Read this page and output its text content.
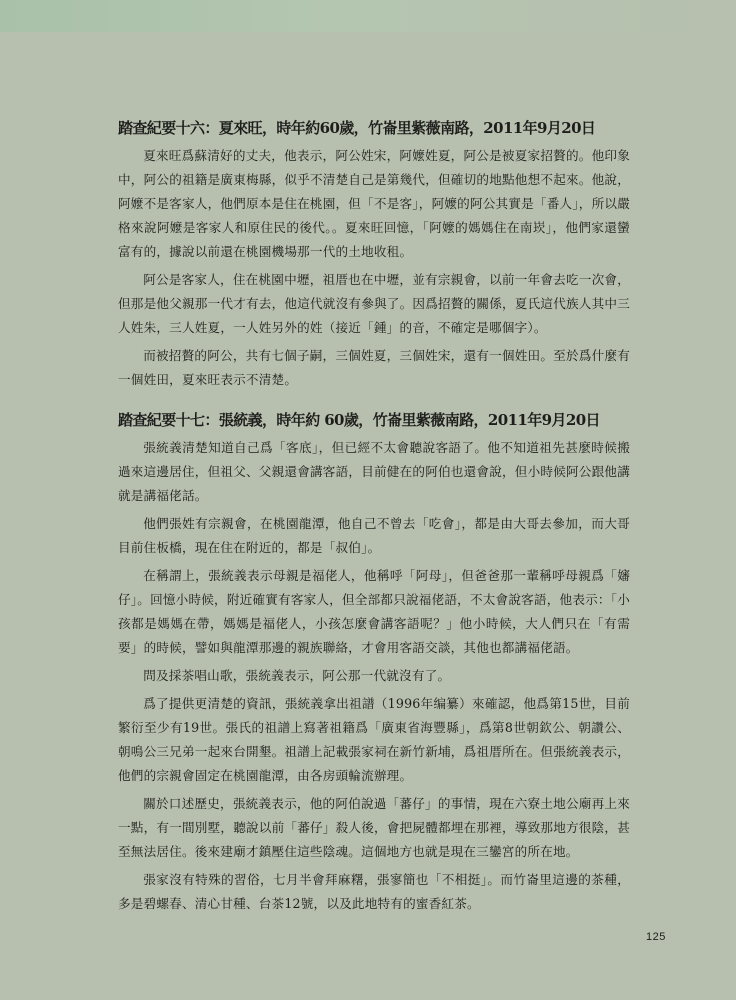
踏查紀要十六：夏來旺，時年約60歲，竹崙里紫薇南路，2011年9月20日

夏來旺爲蘇清好的丈夫，他表示，阿公姓宋，阿嬤姓夏，阿公是被夏家招贅的。他印象中，阿公的祖籍是廣東梅縣，似乎不清楚自己是第幾代，但確切的地點他想不起來。他說，阿嬤不是客家人，他們原本是住在桃園，但「不是客」，阿嬤的阿公其實是「番人」，所以嚴格來說阿嬤是客家人和原住民的後代。。夏來旺回憶，「阿嬤的媽媽住在南崁」，他們家還蠻富有的，據說以前還在桃園機場那一代的土地收租。

阿公是客家人，住在桃園中壢，祖厝也在中壢，並有宗親會，以前一年會去吃一次會，但那是他父親那一代才有去，他這代就沒有參與了。因爲招贅的關係，夏氏這代族人其中三人姓朱，三人姓夏，一人姓另外的姓（接近「鍾」的音，不確定是哪個字）。

而被招贅的阿公，共有七個子嗣，三個姓夏，三個姓宋，還有一個姓田。至於爲什麼有一個姓田，夏來旺表示不清楚。

踏查紀要十七：張統義，時年約 60歲，竹崙里紫薇南路，2011年9月20日

張統義清楚知道自己爲「客底」，但已經不太會聽說客語了。他不知道祖先甚麼時候搬過來這邊居住，但祖父、父親還會講客語，目前健在的阿伯也還會說，但小時候阿公跟他講就是講福佬話。

他們張姓有宗親會，在桃園龍潭，他自己不曾去「吃會」，都是由大哥去參加，而大哥目前住板橋，現在住在附近的，都是「叔伯」。

在稱謂上，張統義表示母親是福佬人，他稱呼「阿母」，但爸爸那一輩稱呼母親爲「嬸仔」。回憶小時候，附近確實有客家人，但全部都只說福佬語，不太會說客語，他表示：「小孩都是媽媽在帶，媽媽是福佬人，小孩怎麼會講客語呢？」他小時候，大人們只在「有需要」的時候，譬如與龍潭那邊的親族聯絡，才會用客語交談，其他也都講福佬語。

問及採茶唱山歌，張統義表示，阿公那一代就沒有了。

爲了提供更清楚的資訊，張統義拿出祖譜（1996年编纂）來確認，他爲第15世，目前繁衍至少有19世。張氏的祖譜上寫著祖籍爲「廣東省海豐縣」，爲第8世朝欽公、朝讚公、朝鳴公三兄弟一起來台開墾。祖譜上記載張家祠在新竹新埔，爲祖厝所在。但張統義表示，他們的宗親會固定在桃園龍潭，由各房頭輪流辦理。

關於口述歷史，張統義表示，他的阿伯說過「蕃仔」的事情，現在六寮土地公廟再上來一點，有一間別墅，聽說以前「蕃仔」殺人後，會把屍體都埋在那裡，導致那地方很陰，甚至無法居住。後來建廟才鎮壓住這些陰魂。這個地方也就是現在三鑾宮的所在地。

張家沒有特殊的習俗，七月半會拜麻糬，張寥簡也「不相挺」。而竹崙里這邊的茶種，多是碧螺春、清心甘種、台茶12號，以及此地特有的蜜香紅茶。

125
